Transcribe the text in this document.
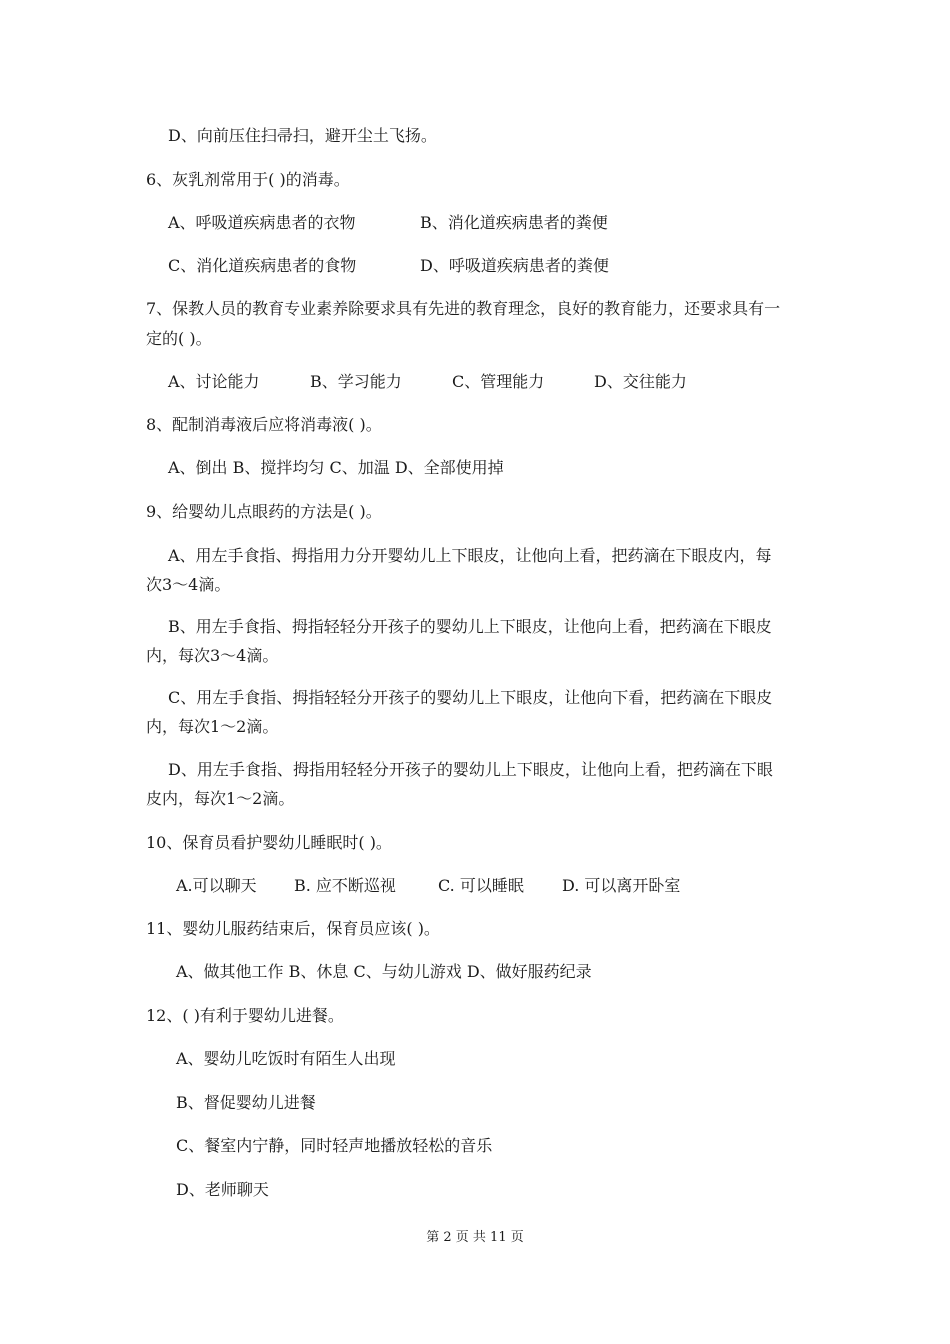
D、向前压住扫帚扫，避开尘土飞扬。
6、灰乳剂常用于( )的消毒。
A、呼吸道疾病患者的衣物	B、消化道疾病患者的粪便
C、消化道疾病患者的食物	D、呼吸道疾病患者的粪便
7、保教人员的教育专业素养除要求具有先进的教育理念，良好的教育能力，还要求具有一
定的( )。
A、讨论能力	B、学习能力	C、管理能力	D、交往能力
8、配制消毒液后应将消毒液( )。
A、倒出 B、搅拌均匀 C、加温 D、全部使用掉
9、给婴幼儿点眼药的方法是( )。
A、用左手食指、拇指用力分开婴幼儿上下眼皮，让他向上看，把药滴在下眼皮内，每
次3～4滴。
B、用左手食指、拇指轻轻分开孩子的婴幼儿上下眼皮，让他向上看，把药滴在下眼皮
内，每次3～4滴。
C、用左手食指、拇指轻轻分开孩子的婴幼儿上下眼皮，让他向下看，把药滴在下眼皮
内，每次1～2滴。
D、用左手食指、拇指用轻轻分开孩子的婴幼儿上下眼皮，让他向上看，把药滴在下眼
皮内，每次1～2滴。
10、保育员看护婴幼儿睡眠时( )。
A.可以聊天 B. 应不断巡视	C. 可以睡眠 D. 可以离开卧室
11、婴幼儿服药结束后，保育员应该( )。
A、做其他工作 B、休息 C、与幼儿游戏 D、做好服药纪录
12、( )有利于婴幼儿进餐。
A、婴幼儿吃饭时有陌生人出现
B、督促婴幼儿进餐
C、餐室内宁静，同时轻声地播放轻松的音乐
D、老师聊天
第 2 页 共 11 页
